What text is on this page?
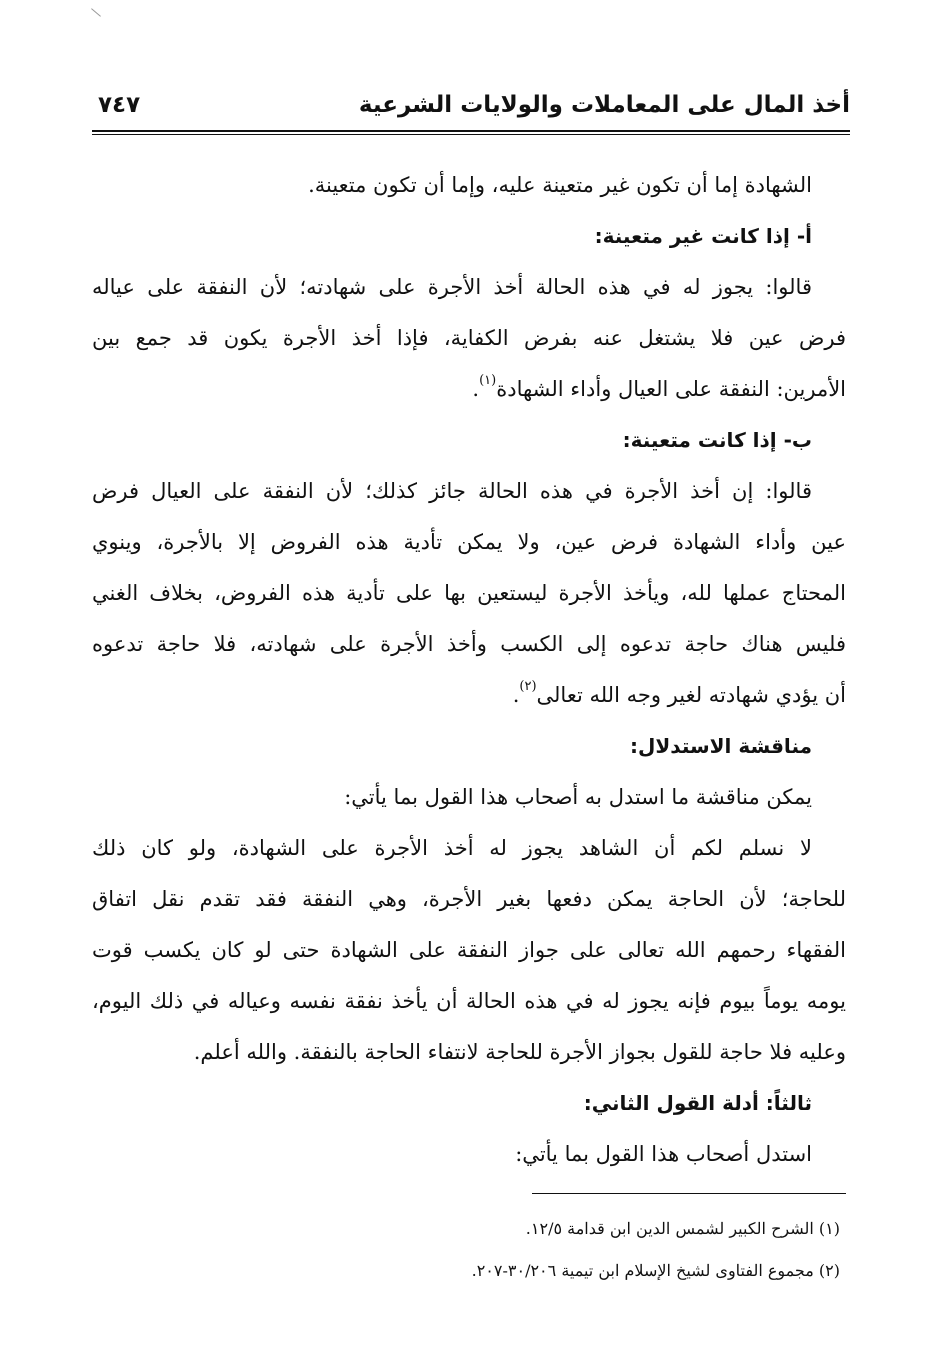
أخذ المال على المعاملات والولايات الشرعية
٧٤٧
الشهادة إما أن تكون غير متعينة عليه، وإما أن تكون متعينة.
أ- إذا كانت غير متعينة:
قالوا: يجوز له في هذه الحالة أخذ الأجرة على شهادته؛ لأن النفقة على عياله
فرض عين فلا يشتغل عنه بفرض الكفاية، فإذا أخذ الأجرة يكون قد جمع بين
الأمرين: النفقة على العيال وأداء الشهادة$^{(١)}$.
ب- إذا كانت متعينة:
قالوا: إن أخذ الأجرة في هذه الحالة جائز كذلك؛ لأن النفقة على العيال فرض
عين وأداء الشهادة فرض عين، ولا يمكن تأدية هذه الفروض إلا بالأجرة، وينوي
المحتاج عملها لله، ويأخذ الأجرة ليستعين بها على تأدية هذه الفروض، بخلاف الغني
فليس هناك حاجة تدعوه إلى الكسب وأخذ الأجرة على شهادته، فلا حاجة تدعوه
أن يؤدي شهادته لغير وجه الله تعالى$^{(٢)}$.
مناقشة الاستدلال:
يمكن مناقشة ما استدل به أصحاب هذا القول بما يأتي:
لا نسلم لكم أن الشاهد يجوز له أخذ الأجرة على الشهادة، ولو كان ذلك
للحاجة؛ لأن الحاجة يمكن دفعها بغير الأجرة، وهي النفقة فقد تقدم نقل اتفاق
الفقهاء رحمهم الله تعالى على جواز النفقة على الشهادة حتى لو كان يكسب قوت
يومه يوماً بيوم فإنه يجوز له في هذه الحالة أن يأخذ نفقة نفسه وعياله في ذلك اليوم،
وعليه فلا حاجة للقول بجواز الأجرة للحاجة لانتفاء الحاجة بالنفقة. والله أعلم.
ثالثاً: أدلة القول الثاني:
استدل أصحاب هذا القول بما يأتي:
(١) الشرح الكبير لشمس الدين ابن قدامة ١٢/٥.
(٢) مجموع الفتاوى لشيخ الإسلام ابن تيمية ٣٠/٢٠٦-٢٠٧.
